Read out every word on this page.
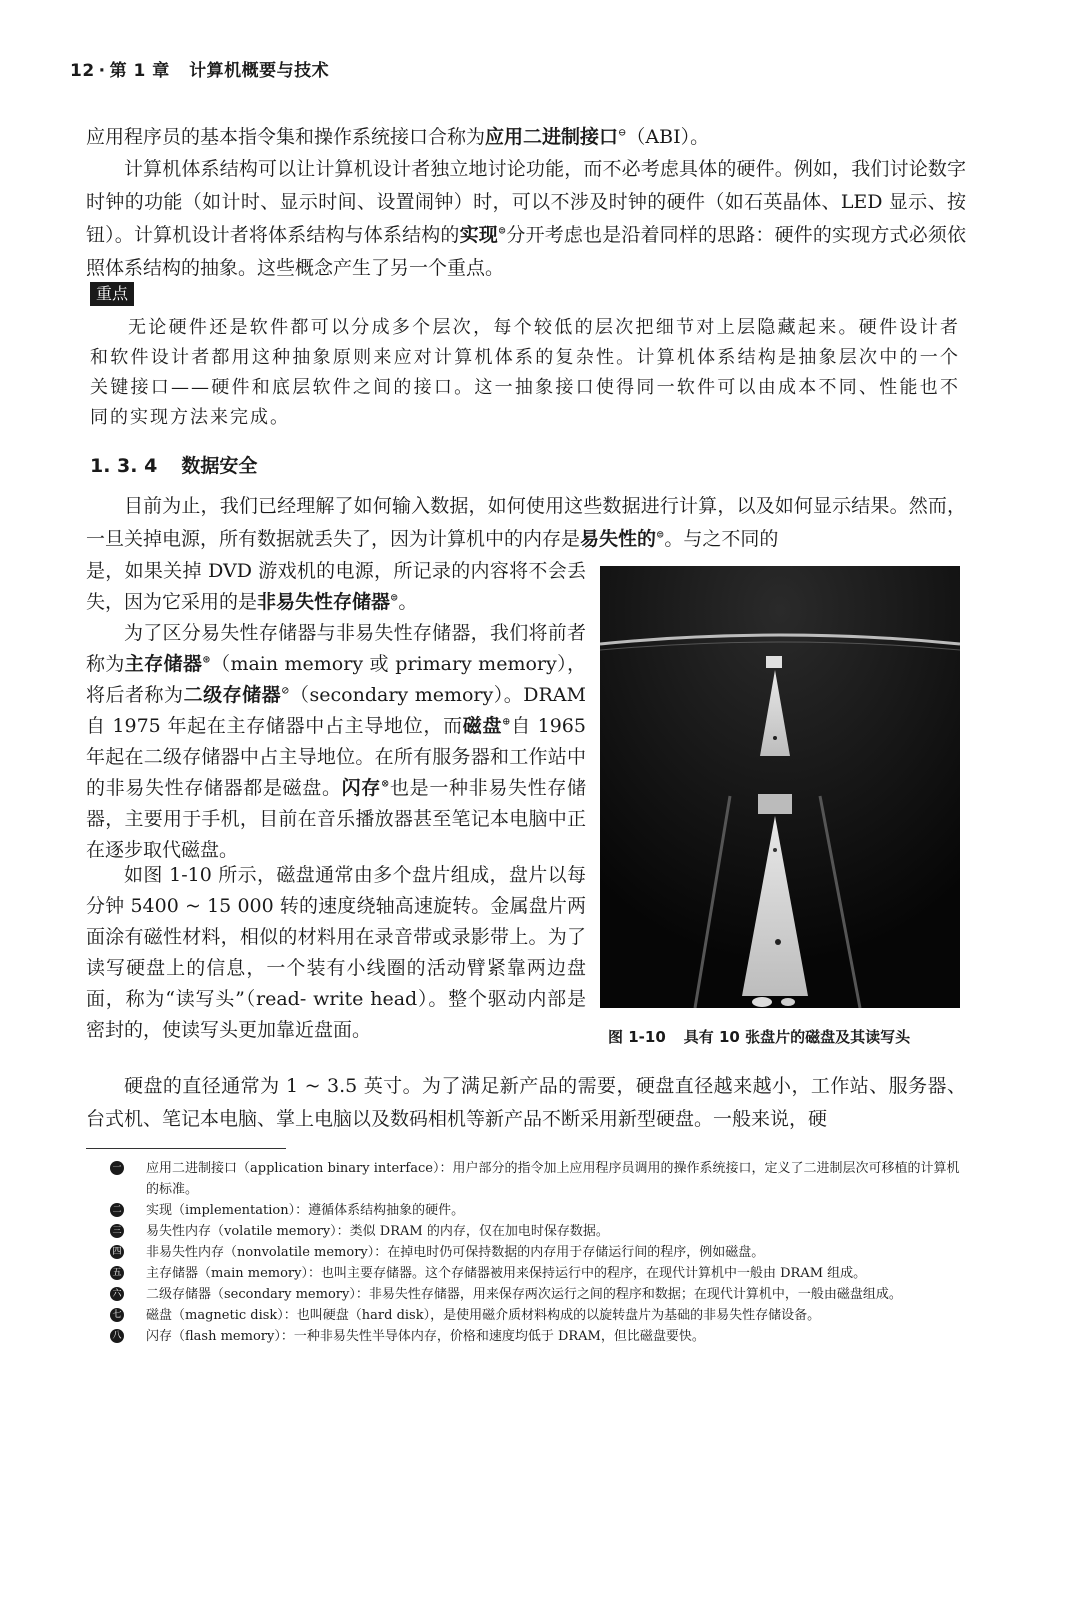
12 · 第 1 章 计算机概要与技术
应用程序员的基本指令集和操作系统接口合称为应用二进制接口⊖（ABI）。
计算机体系结构可以让计算机设计者独立地讨论功能，而不必考虑具体的硬件。例如，我们讨论数字时钟的功能（如计时、显示时间、设置闹钟）时，可以不涉及时钟的硬件（如石英晶体、LED 显示、按钮）。计算机设计者将体系结构与体系结构的实现⊜分开考虑也是沿着同样的思路：硬件的实现方式必须依照体系结构的抽象。这些概念产生了另一个重点。
重点
无论硬件还是软件都可以分成多个层次，每个较低的层次把细节对上层隐藏起来。硬件设计者和软件设计者都用这种抽象原则来应对计算机体系的复杂性。计算机体系结构是抽象层次中的一个关键接口——硬件和底层软件之间的接口。这一抽象接口使得同一软件可以由成本不同、性能也不同的实现方法来完成。
1. 3. 4 数据安全
目前为止，我们已经理解了如何输入数据，如何使用这些数据进行计算，以及如何显示结果。然而，一旦关掉电源，所有数据就丢失了，因为计算机中的内存是易失性的⊜。与之不同的
是，如果关掉 DVD 游戏机的电源，所记录的内容将不会丢失，因为它采用的是非易失性存储器⊜。
为了区分易失性存储器与非易失性存储器，我们将前者称为主存储器⊛（main memory 或 primary memory），将后者称为二级存储器⊘（secondary memory）。DRAM 自 1975 年起在主存储器中占主导地位，而磁盘⊕自 1965 年起在二级存储器中占主导地位。在所有服务器和工作站中的非易失性存储器都是磁盘。闪存⊗也是一种非易失性存储器，主要用于手机，目前在音乐播放器甚至笔记本电脑中正在逐步取代磁盘。
如图 1-10 所示，磁盘通常由多个盘片组成，盘片以每分钟 5400 ~ 15 000 转的速度绕轴高速旋转。金属盘片两面涂有磁性材料，相似的材料用在录音带或录影带上。为了读写硬盘上的信息，一个装有小线圈的活动臂紧靠两边盘面，称为“读写头”（read- write head）。整个驱动内部是密封的，使读写头更加靠近盘面。	图 1-10 具有 10 张盘片的磁盘及其读写头
硬盘的直径通常为 1 ~ 3.5 英寸。为了满足新产品的需要，硬盘直径越来越小，工作站、服务器、台式机、笔记本电脑、掌上电脑以及数码相机等新产品不断采用新型硬盘。一般来说，硬
一 应用二进制接口（application binary interface）：用户部分的指令加上应用程序员调用的操作系统接口，定义了二进制层次可移植的计算机的标准。
二 实现（implementation）：遵循体系结构抽象的硬件。
三 易失性内存（volatile memory）：类似 DRAM 的内存，仅在加电时保存数据。
四 非易失性内存（nonvolatile memory）：在掉电时仍可保持数据的内存用于存储运行间的程序，例如磁盘。
五 主存储器（main memory）：也叫主要存储器。这个存储器被用来保持运行中的程序，在现代计算机中一般由 DRAM 组成。
六 二级存储器（secondary memory）：非易失性存储器，用来保存两次运行之间的程序和数据；在现代计算机中，一般由磁盘组成。
七 磁盘（magnetic disk）：也叫硬盘（hard disk），是使用磁介质材料构成的以旋转盘片为基础的非易失性存储设备。
八 闪存（flash memory）：一种非易失性半导体内存，价格和速度均低于 DRAM，但比磁盘要快。
